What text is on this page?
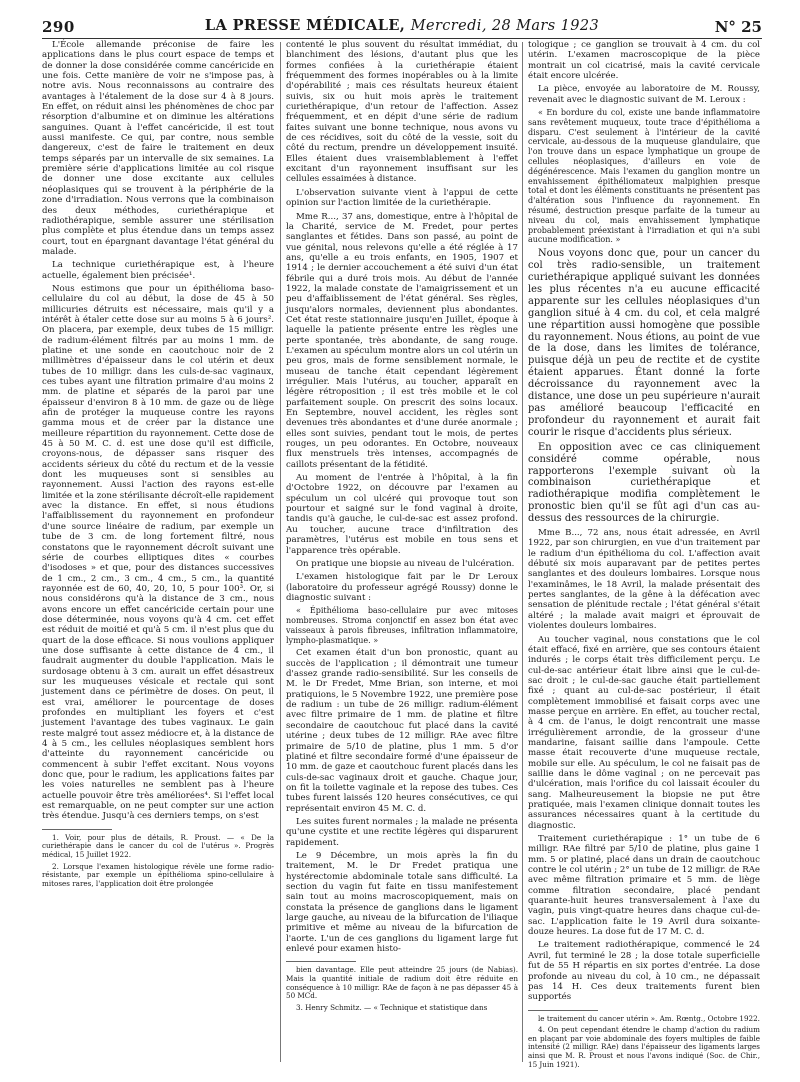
290	LA PRESSE MÉDICALE, Mercredi, 28 Mars 1923	N° 25

L'École allemande préconise de faire les applications dans le plus court espace de temps et de donner la dose considérée comme cancéricide en une fois. Cette manière de voir ne s'impose pas, à notre avis. Nous reconnaissons au contraire des avantages à l'étalement de la dose sur 4 à 8 jours. En effet, on réduit ainsi les phénomènes de choc par résorption d'albumine et on diminue les altérations sanguines. Quant à l'effet cancéricide, il est tout aussi manifeste. Ce qui, par contre, nous semble dangereux, c'est de faire le traitement en deux temps séparés par un intervalle de six semaines. La première série d'applications limitée au col risque de donner une dose excitante aux cellules néoplasiques qui se trouvent à la périphérie de la zone d'irradiation. Nous verrons que la combinaison des deux méthodes, curiethérapique et radiothérapique, semble assurer une stérilisation plus complète et plus étendue dans un temps assez court, tout en épargnant davantage l'état général du malade.

La technique curiethérapique est, à l'heure actuelle, également bien précisée¹.

Nous estimons que pour un épithélioma baso-cellulaire du col au début, la dose de 45 à 50 millicuries détruits est nécessaire, mais qu'il y a intérêt à étaler cette dose sur au moins 5 à 6 jours². On placera, par exemple, deux tubes de 15 milligr. de radium-élément filtrés par au moins 1 mm. de platine et une sonde en caoutchouc noir de 2 millimètres d'épaisseur dans le col utérin et deux tubes de 10 milligr. dans les culs-de-sac vaginaux, ces tubes ayant une filtration primaire d'au moins 2 mm. de platine et séparés de la paroi par une épaisseur d'environ 8 à 10 mm. de gaze ou de liège afin de protéger la muqueuse contre les rayons gamma mous et de créer par la distance une meilleure répartition du rayonnement. Cette dose de 45 à 50 M. C. d. est une dose qu'il est difficile, croyons-nous, de dépasser sans risquer des accidents sérieux du côté du rectum et de la vessie dont les muqueuses sont si sensibles au rayonnement. Aussi l'action des rayons est-elle limitée et la zone stérilisante décroît-elle rapidement avec la distance. En effet, si nous étudions l'affaiblissement du rayonnement en profondeur d'une source linéaire de radium, par exemple un tube de 3 cm. de long fortement filtré, nous constatons que le rayonnement décroît suivant une série de courbes elliptiques dites « courbes d'isodoses » et que, pour des distances successives de 1 cm., 2 cm., 3 cm., 4 cm., 5 cm., la quantité rayonnée est de 60, 40, 20, 10, 5 pour 100³. Or, si nous considérons qu'à la distance de 3 cm., nous avons encore un effet cancéricide certain pour une dose déterminée, nous voyons qu'à 4 cm. cet effet est réduit de moitié et qu'à 5 cm. il n'est plus que du quart de la dose efficace. Si nous voulions appliquer une dose suffisante à cette distance de 4 cm., il faudrait augmenter du double l'application. Mais le surdosage obtenu à 3 cm. aurait un effet désastreux sur les muqueuses vésicale et rectale qui sont justement dans ce périmètre de doses. On peut, il est vrai, améliorer le pourcentage de doses profondes en multipliant les foyers et c'est justement l'avantage des tubes vaginaux. Le gain reste malgré tout assez médiocre et, à la distance de 4 à 5 cm., les cellules néoplasiques semblent hors d'atteinte du rayonnement cancéricide ou commencent à subir l'effet excitant. Nous voyons donc que, pour le radium, les applications faites par les voies naturelles ne semblent pas à l'heure actuelle pouvoir être très améliorées⁴. Si l'effet local est remarquable, on ne peut compter sur une action très étendue. Jusqu'à ces derniers temps, on s'est

1. Voir, pour plus de détails, R. Proust. — « De la curiethérapie dans le cancer du col de l'utérus ». Progrès médical, 15 Juillet 1922.

2. Lorsque l'examen histologique révèle une forme radio-résistante, par exemple un épithélioma spino-cellulaire à mitoses rares, l'application doit être prolongée

contenté le plus souvent du résultat immédiat, du blanchiment des lésions, d'autant plus que les formes confiées à la curiethérapie étaient fréquemment des formes inopérables ou à la limite d'opérabilité ; mais ces résultats heureux étaient suivis, six ou huit mois après le traitement curiethérapique, d'un retour de l'affection. Assez fréquemment, et en dépit d'une série de radium faites suivant une bonne technique, nous avons vu de ces récidives, soit du côté de la vessie, soit du côté du rectum, prendre un développement insuité. Elles étaient dues vraisemblablement à l'effet excitant d'un rayonnement insuffisant sur les cellules essaimées à distance.

L'observation suivante vient à l'appui de cette opinion sur l'action limitée de la curiethérapie.

Mme R..., 37 ans, domestique, entre à l'hôpital de la Charité, service de M. Fredet, pour pertes sanglantes et fétides. Dans son passé, au point de vue génital, nous relevons qu'elle a été réglée à 17 ans, qu'elle a eu trois enfants, en 1905, 1907 et 1914 ; le dernier accouchement a été suivi d'un état fébrile qui a duré trois mois. Au début de l'année 1922, la malade constate de l'amaigrissement et un peu d'affaiblissement de l'état général. Ses règles, jusqu'alors normales, deviennent plus abondantes. Cet état reste stationnaire jusqu'en Juillet, époque à laquelle la patiente présente entre les règles une perte spontanée, très abondante, de sang rouge. L'examen au spéculum montre alors un col utérin un peu gros, mais de forme sensiblement normale, le museau de tanche était cependant légèrement irrégulier. Mais l'utérus, au toucher, apparaît en légère rétroposition ; il est très mobile et le col parfaitement souple. On prescrit des soins locaux. En Septembre, nouvel accident, les règles sont devenues très abondantes et d'une durée anormale ; elles sont suivies, pendant tout le mois, de pertes rouges, un peu odorantes. En Octobre, nouveaux flux menstruels très intenses, accompagnés de caillots présentant de la fétidité.

Au moment de l'entrée à l'hôpital, à la fin d'Octobre 1922, on découvre par l'examen au spéculum un col ulcéré qui provoque tout son pourtour et saigné sur le fond vaginal à droite, tandis qu'à gauche, le cul-de-sac est assez profond. Au toucher, aucune trace d'infiltration des paramètres, l'utérus est mobile en tous sens et l'apparence très opérable.

On pratique une biopsie au niveau de l'ulcération.

L'examen histologique fait par le Dr Leroux (laboratoire du professeur agrégé Roussy) donne le diagnostic suivant :

« Épithélioma baso-cellulaire pur avec mitoses nombreuses. Stroma conjonctif en assez bon état avec vaisseaux à parois fibreuses, infiltration inflammatoire, lympho-plasmatique. »

Cet examen était d'un bon pronostic, quant au succès de l'application ; il démontrait une tumeur d'assez grande radio-sensibilité. Sur les conseils de M. le Dr Fredet, Mme Brian, son interne, et moi pratiquions, le 5 Novembre 1922, une première pose de radium : un tube de 26 milligr. radium-élément avec filtre primaire de 1 mm. de platine et filtre secondaire de caoutchouc fut placé dans la cavité utérine ; deux tubes de 12 milligr. RAe avec filtre primaire de 5/10 de platine, plus 1 mm. 5 d'or platiné et filtre secondaire formé d'une épaisseur de 10 mm. de gaze et caoutchouc furent placés dans les culs-de-sac vaginaux droit et gauche. Chaque jour, on fit la toilette vaginale et la repose des tubes. Ces tubes furent laissés 120 heures consécutives, ce qui représentait environ 45 M. C. d.

Les suites furent normales ; la malade ne présenta qu'une cystite et une rectite légères qui disparurent rapidement.

Le 9 Décembre, un mois après la fin du traitement, M. le Dr Fredet pratiqua une hystérectomie abdominale totale sans difficulté. La section du vagin fut faite en tissu manifestement sain tout au moins macroscopiquement, mais on constata la présence de ganglions dans le ligament large gauche, au niveau de la bifurcation de l'iliaque primitive et même au niveau de la bifurcation de l'aorte. L'un de ces ganglions du ligament large fut enlevé pour examen histo-

bien davantage. Elle peut atteindre 25 jours (de Nabias). Mais la quantité initiale de radium doit être réduite en conséquence à 10 milligr. RAe de façon à ne pas dépasser 45 à 50 MCd.

3. Henry Schmitz. — « Technique et statistique dans

tologique ; ce ganglion se trouvait à 4 cm. du col utérin. L'examen macroscopique de la pièce montrait un col cicatrisé, mais la cavité cervicale était encore ulcérée.

La pièce, envoyée au laboratoire de M. Roussy, revenait avec le diagnostic suivant de M. Leroux :

« En bordure du col, existe une bande inflammatoire sans revêtement muqueux, toute trace d'épithélioma a disparu. C'est seulement à l'intérieur de la cavité cervicale, au-dessous de la muqueuse glandulaire, que l'on trouve dans un espace lymphatique un groupe de cellules néoplasiques, d'ailleurs en voie de dégénérescence. Mais l'examen du ganglion montre un envahissement épithéliomateux malpighien presque total et dont les éléments constituants ne présentent pas d'altération sous l'influence du rayonnement. En résumé, destruction presque parfaite de la tumeur au niveau du col, mais envahissement lymphatique probablement préexistant à l'irradiation et qui n'a subi aucune modification. »

Nous voyons donc que, pour un cancer du col très radio-sensible, un traitement curiethérapique appliqué suivant les données les plus récentes n'a eu aucune efficacité apparente sur les cellules néoplasiques d'un ganglion situé à 4 cm. du col, et cela malgré une répartition aussi homogène que possible du rayonnement. Nous étions, au point de vue de la dose, dans les limites de tolérance, puisque déjà un peu de rectite et de cystite étaient apparues. Étant donné la forte décroissance du rayonnement avec la distance, une dose un peu supérieure n'aurait pas amélioré beaucoup l'efficacité en profondeur du rayonnement et aurait fait courir le risque d'accidents plus sérieux.

En opposition avec ce cas cliniquement considéré comme opérable, nous rapporterons l'exemple suivant où la combinaison curiethérapique et radiothérapique modifia complètement le pronostic bien qu'il se fût agi d'un cas au-dessus des ressources de la chirurgie.

Mme B..., 72 ans, nous était adressée, en Avril 1922, par son chirurgien, en vue d'un traitement par le radium d'un épithélioma du col. L'affection avait débuté six mois auparavant par de petites pertes sanglantes et des douleurs lombaires. Lorsque nous l'examinâmes, le 18 Avril, la malade présentait des pertes sanglantes, de la gêne à la défécation avec sensation de plénitude rectale ; l'état général s'était altéré ; la malade avait maigri et éprouvait de violentes douleurs lombaires.

Au toucher vaginal, nous constations que le col était effacé, fixé en arrière, que ses contours étaient indurés ; le corps était très difficilement perçu. Le cul-de-sac antérieur était libre ainsi que le cul-de-sac droit ; le cul-de-sac gauche était partiellement fixé ; quant au cul-de-sac postérieur, il était complètement immobilisé et faisait corps avec une masse perçue en arrière. En effet, au toucher rectal, à 4 cm. de l'anus, le doigt rencontrait une masse irrégulièrement arrondie, de la grosseur d'une mandarine, faisant saillie dans l'ampoule. Cette masse était recouverte d'une muqueuse rectale, mobile sur elle. Au spéculum, le col ne faisait pas de saillie dans le dôme vaginal ; on ne percevait pas d'ulcération, mais l'orifice du col laissait écouler du sang. Malheureusement la biopsie ne put être pratiquée, mais l'examen clinique donnait toutes les assurances nécessaires quant à la certitude du diagnostic.

Traitement curiethérapique : 1° un tube de 6 milligr. RAe filtré par 5/10 de platine, plus gaine 1 mm. 5 or platiné, placé dans un drain de caoutchouc contre le col utérin ; 2° un tube de 12 milligr. de RAe avec même filtration primaire et 5 mm. de liège comme filtration secondaire, placé pendant quarante-huit heures transversalement à l'axe du vagin, puis vingt-quatre heures dans chaque cul-de-sac. L'application faite le 19 Avril dura soixante-douze heures. La dose fut de 17 M. C. d.

Le traitement radiothérapique, commencé le 24 Avril, fut terminé le 28 ; la dose totale superficielle fut de 55 H répartis en six portes d'entrée. La dose profonde au niveau du col, à 10 cm., ne dépassait pas 14 H. Ces deux traitements furent bien supportés

le traitement du cancer utérin ». Am. Rœntg., Octobre 1922.

4. On peut cependant étendre le champ d'action du radium en plaçant par voie abdominale des foyers multiples de faible intensité (2 milligr. RAe) dans l'épaisseur des ligaments larges ainsi que M. R. Proust et nous l'avons indiqué (Soc. de Chir., 15 Juin 1921).
